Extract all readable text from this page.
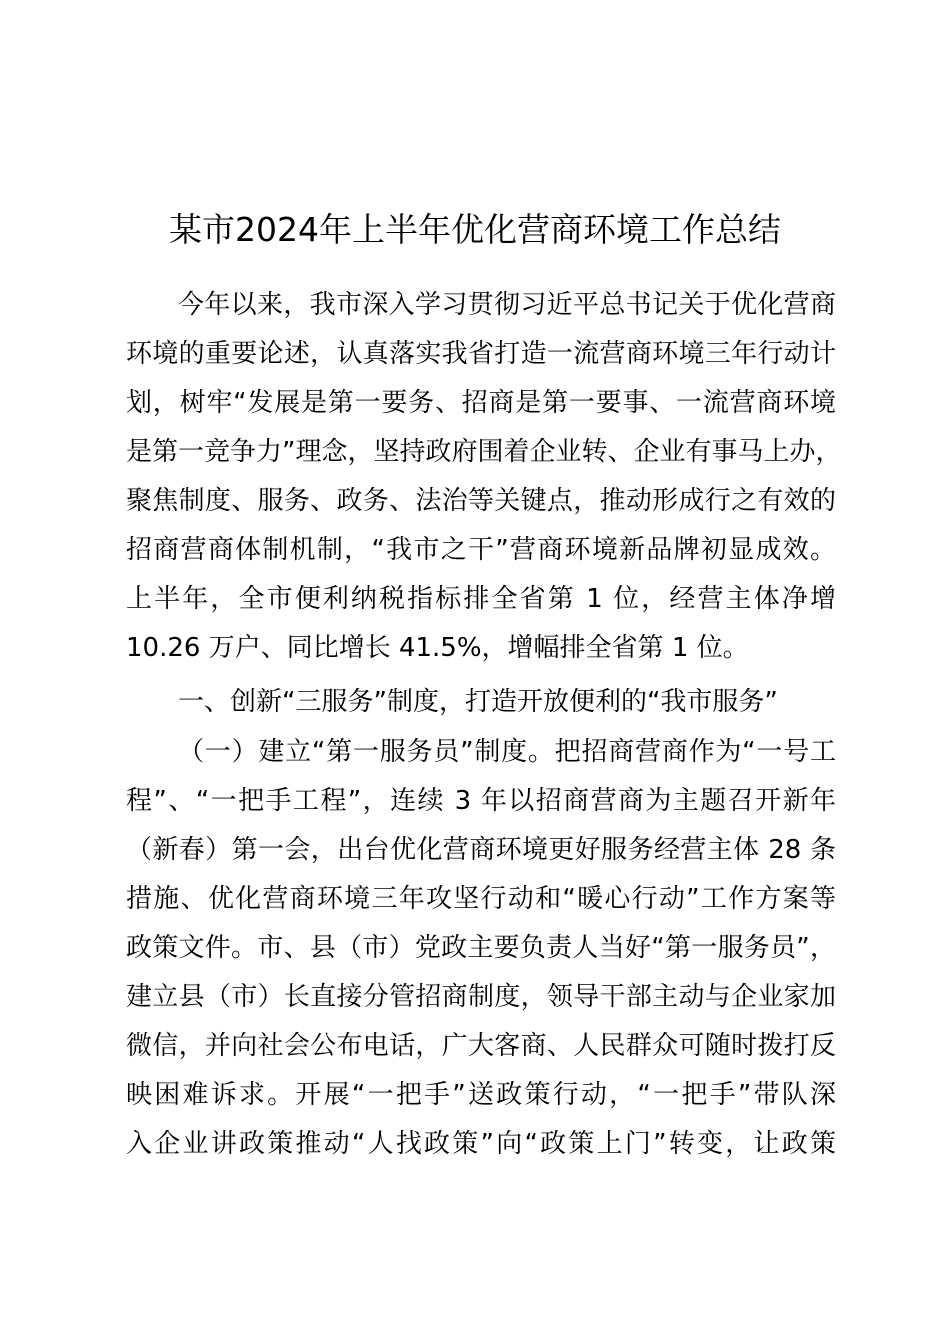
某市2024年上半年优化营商环境工作总结
今年以来，我市深入学习贯彻习近平总书记关于优化营商
环境的重要论述，认真落实我省打造一流营商环境三年行动计
划，树牢“发展是第一要务、招商是第一要事、一流营商环境
是第一竞争力”理念，坚持政府围着企业转、企业有事马上办，
聚焦制度、服务、政务、法治等关键点，推动形成行之有效的
招商营商体制机制，“我市之干”营商环境新品牌初显成效。
上半年，全市便利纳税指标排全省第 1 位，经营主体净增
10.26 万户、同比增长 41.5%，增幅排全省第 1 位。
一、创新“三服务”制度，打造开放便利的“我市服务”
（一）建立“第一服务员”制度。把招商营商作为“一号工
程”、“一把手工程”，连续 3 年以招商营商为主题召开新年
（新春）第一会，出台优化营商环境更好服务经营主体 28 条
措施、优化营商环境三年攻坚行动和“暖心行动”工作方案等
政策文件。市、县（市）党政主要负责人当好“第一服务员”，
建立县（市）长直接分管招商制度，领导干部主动与企业家加
微信，并向社会公布电话，广大客商、人民群众可随时拨打反
映困难诉求。开展“一把手”送政策行动，“一把手”带队深
入企业讲政策推动“人找政策”向“政策上门”转变，让政策
